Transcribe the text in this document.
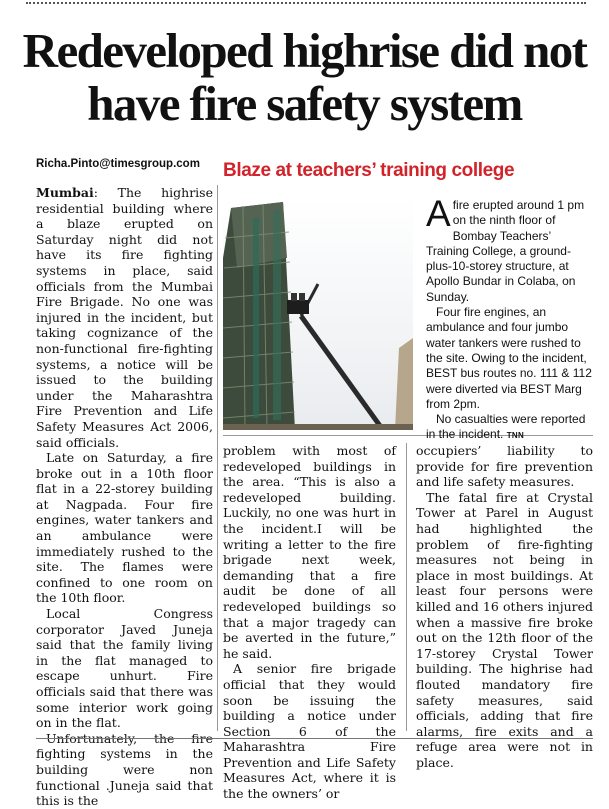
Redeveloped highrise did not have fire safety system
Richa.Pinto@timesgroup.com

Mumbai: The highrise residential building where a blaze erupted on Saturday night did not have its fire fighting systems in place, said officials from the Mumbai Fire Brigade. No one was injured in the incident, but taking cognizance of the non-functional fire-fighting systems, a notice will be issued to the building under the Maharashtra Fire Prevention and Life Safety Measures Act 2006, said officials.

Late on Saturday, a fire broke out in a 10th floor flat in a 22-storey building at Nagpada. Four fire engines, water tankers and an ambulance were immediately rushed to the site. The flames were confined to one room on the 10th floor.

Local Congress corporator Javed Juneja said that the family living in the flat managed to escape unhurt. Fire officials said that there was some interior work going on in the flat.

Unfortunately, the fire fighting systems in the building were non functional .Juneja said that this is the

Blaze at teachers’ training college

Afire erupted around 1 pm on the ninth floor of Bombay Teachers’ Training College, a ground-plus-10-storey structure, at Apollo Bundar in Colaba, on Sunday.

Four fire engines, an ambulance and four jumbo water tankers were rushed to the site. Owing to the incident, BEST bus routes no. 111 & 112 were diverted via BEST Marg from 2pm.

No casualties were reported in the incident. TNN

problem with most of redeveloped buildings in the area. “This is also a redeveloped building. Luckily, no one was hurt in the incident.I will be writing a letter to the fire brigade next week, demanding that a fire audit be done of all redeveloped buildings so that a major tragedy can be averted in the future,” he said.

A senior fire brigade official that they would soon be issuing the building a notice under Section 6 of the Maharashtra Fire Prevention and Life Safety Measures Act, where it is the the owners’ or

occupiers’ liability to provide for fire prevention and life safety measures.

The fatal fire at Crystal Tower at Parel in August had highlighted the problem of fire-fighting measures not being in place in most buildings. At least four persons were killed and 16 others injured when a massive fire broke out on the 12th floor of the 17-storey Crystal Tower building. The highrise had flouted mandatory fire safety measures, said officials, adding that fire alarms, fire exits and a refuge area were not in place.
